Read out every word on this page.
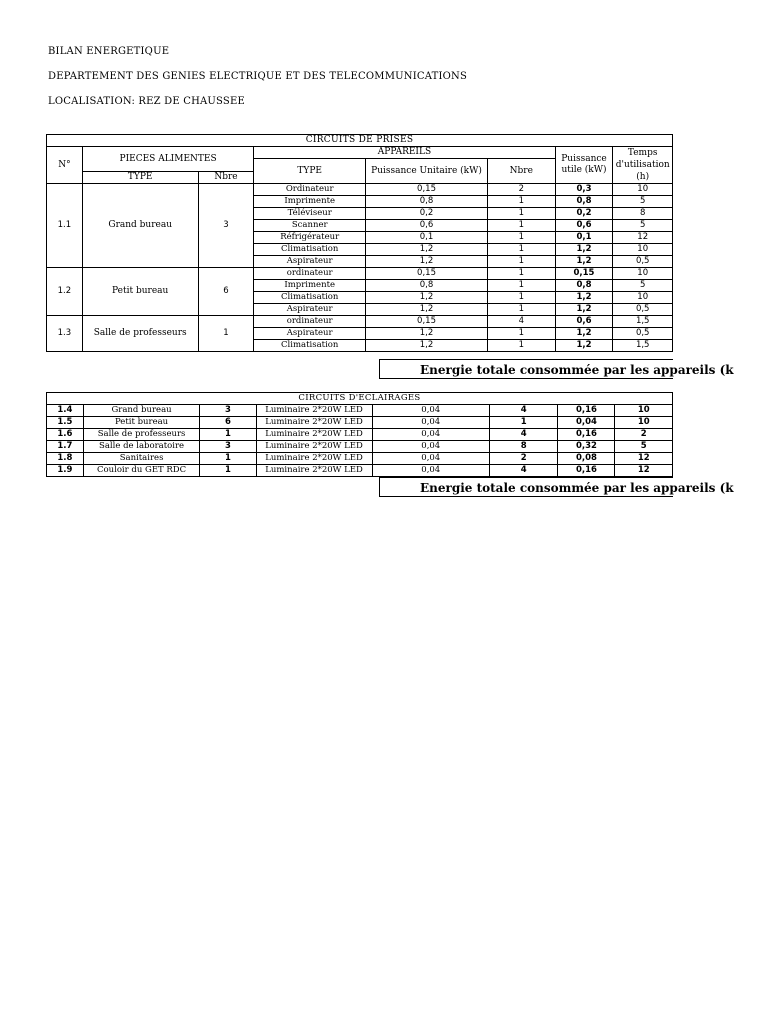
BILAN ENERGETIQUE
DEPARTEMENT DES GENIES ELECTRIQUE ET DES TELECOMMUNICATIONS
LOCALISATION: REZ DE CHAUSSEE
CIRCUITS DE PRISES							
N°	PIECES ALIMENTES		APPAREILS			Puissance utile (kW)	Temps d'utilisation (h)
			TYPE	Puissance Unitaire (kW)	Nbre		
	TYPE	Nbre					
1.1	Grand bureau	3	Ordinateur	0,15	2	0,3	10
			Imprimente	0,8	1	0,8	5
			Téléviseur	0,2	1	0,2	8
			Scanner	0,6	1	0,6	5
			Réfrigérateur	0,1	1	0,1	12
			Climatisation	1,2	1	1,2	10
			Aspirateur	1,2	1	1,2	0,5
1.2	Petit bureau	6	ordinateur	0,15	1	0,15	10
			Imprimente	0,8	1	0,8	5
			Climatisation	1,2	1	1,2	10
			Aspirateur	1,2	1	1,2	0,5
1.3	Salle de professeurs	1	ordinateur	0,15	4	0,6	1,5
			Aspirateur	1,2	1	1,2	0,5
			Climatisation	1,2	1	1,2	1,5
Energie totale consommée par les appareils (k
CIRCUITS D'ECLAIRAGES							
1.4	Grand bureau	3	Luminaire 2*20W LED	0,04	4	0,16	10
1.5	Petit bureau	6	Luminaire 2*20W LED	0,04	1	0,04	10
1.6	Salle de professeurs	1	Luminaire 2*20W LED	0,04	4	0,16	2
1.7	Salle de laboratoire	3	Luminaire 2*20W LED	0,04	8	0,32	5
1.8	Sanitaires	1	Luminaire 2*20W LED	0,04	2	0,08	12
1.9	Couloir du GET RDC	1	Luminaire 2*20W LED	0,04	4	0,16	12
Energie totale consommée par les appareils (k
